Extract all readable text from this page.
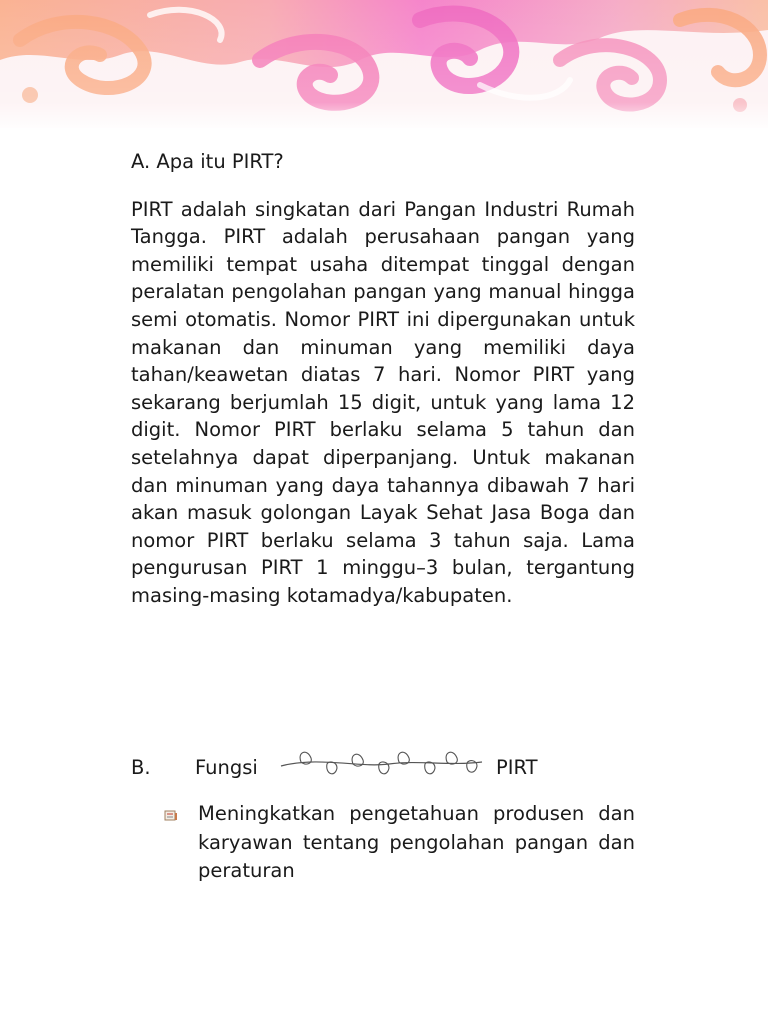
A. Apa itu PIRT?

PIRT adalah singkatan dari Pangan Industri Rumah Tangga. PIRT adalah perusahaan pangan yang memiliki tempat usaha ditempat tinggal dengan peralatan pengolahan pangan yang manual hingga semi otomatis. Nomor PIRT ini dipergunakan untuk makanan dan minuman yang memiliki daya tahan/keawetan diatas 7 hari. Nomor PIRT yang sekarang berjumlah 15 digit, untuk yang lama 12 digit. Nomor PIRT berlaku selama 5 tahun dan setelahnya dapat diperpanjang. Untuk makanan dan minuman yang daya tahannya dibawah 7 hari akan masuk golongan Layak Sehat Jasa Boga dan nomor PIRT berlaku selama 3 tahun saja. Lama pengurusan PIRT 1 minggu–3 bulan, tergantung masing-masing kotamadya/kabupaten.

B. Fungsi	PIRT
Meningkatkan pengetahuan produsen dan karyawan tentang pengolahan pangan dan peraturan
